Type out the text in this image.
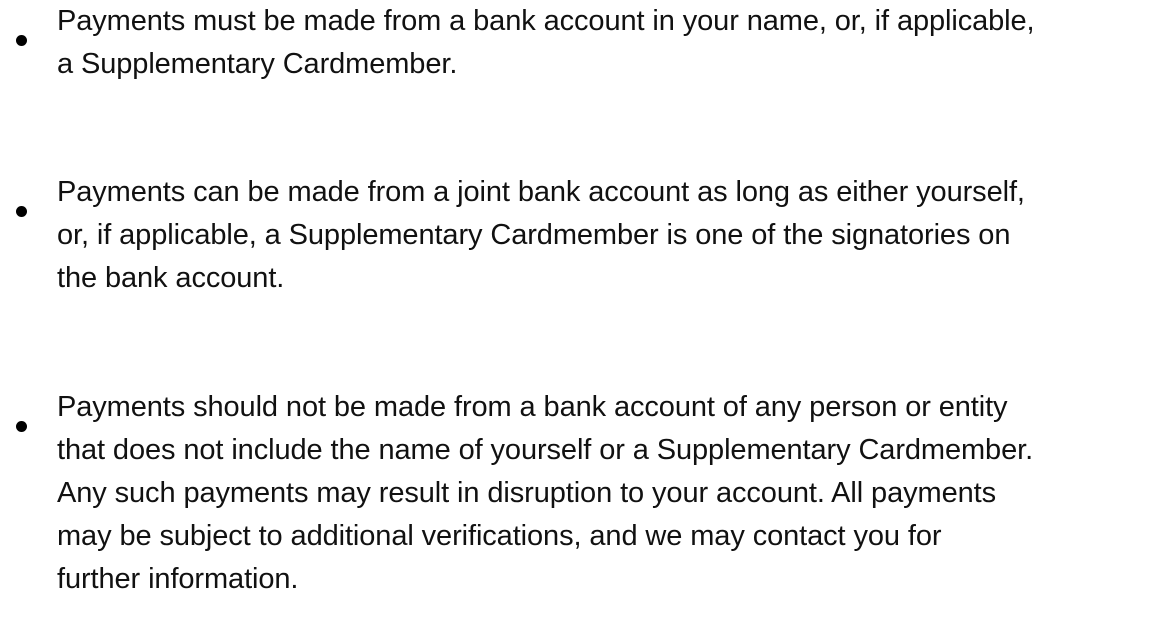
Payments must be made from a bank account in your name, or, if applicable,
a Supplementary Cardmember.
Payments can be made from a joint bank account as long as either yourself,
or, if applicable, a Supplementary Cardmember is one of the signatories on
the bank account.
Payments should not be made from a bank account of any person or entity
that does not include the name of yourself or a Supplementary Cardmember.
Any such payments may result in disruption to your account. All payments
may be subject to additional verifications, and we may contact you for
further information.
